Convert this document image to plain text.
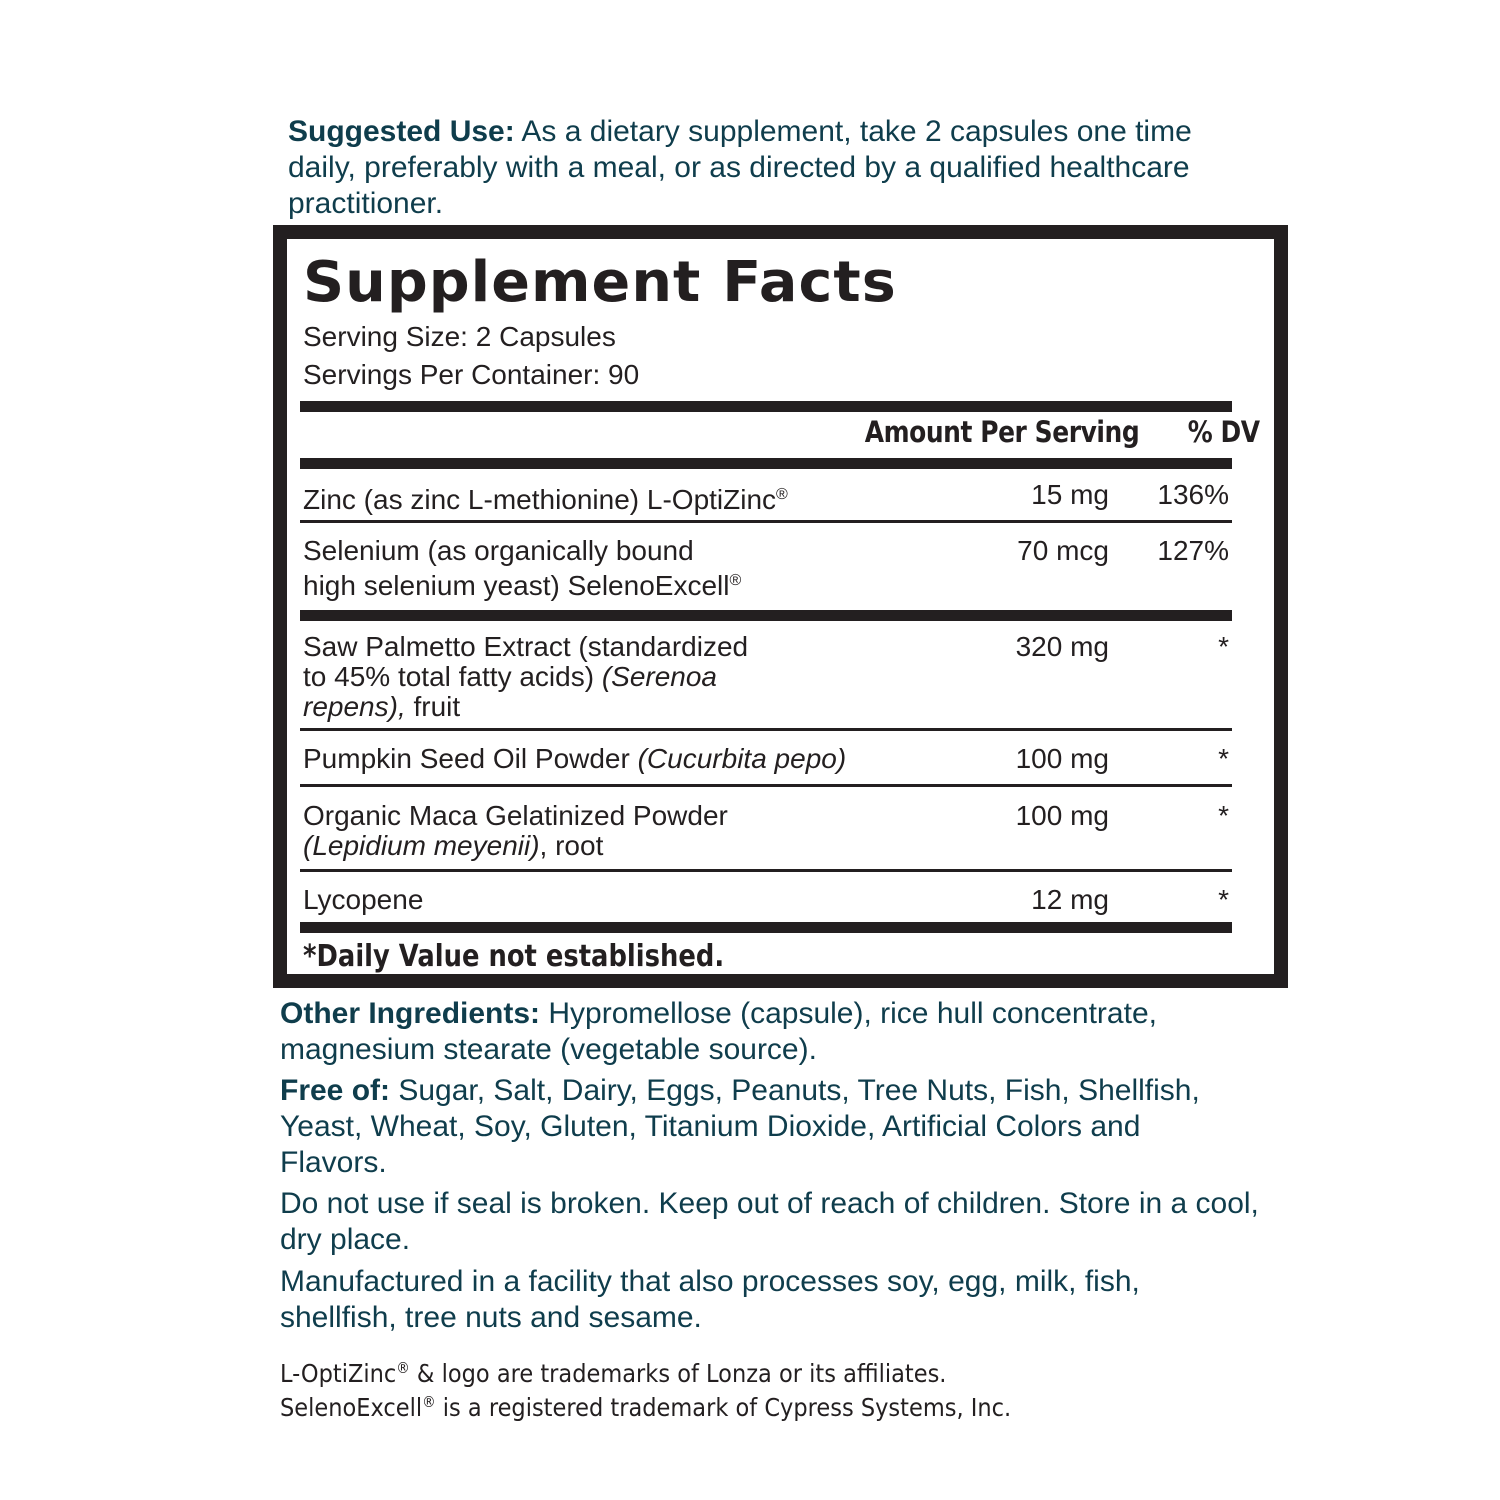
Suggested Use: As a dietary supplement, take 2 capsules one time daily, preferably with a meal, or as directed by a qualified healthcare practitioner.
Supplement Facts
Serving Size: 2 Capsules
Servings Per Container: 90
Amount Per Serving % DV
Zinc (as zinc L-methionine) L-OptiZinc®	15 mg	136%
Selenium (as organically bound
high selenium yeast) SelenoExcell®
70 mcg	127%
Saw Palmetto Extract (standardized
to 45% total fatty acids) (Serenoa
repens), fruit
320 mg	*
Pumpkin Seed Oil Powder (Cucurbita pepo)	100 mg	*
Organic Maca Gelatinized Powder
(Lepidium meyenii), root
100 mg	*
Lycopene	12 mg	*
*Daily Value not established.
Other Ingredients: Hypromellose (capsule), rice hull concentrate, magnesium stearate (vegetable source).
Free of: Sugar, Salt, Dairy, Eggs, Peanuts, Tree Nuts, Fish, Shellfish, Yeast, Wheat, Soy, Gluten, Titanium Dioxide, Artificial Colors and Flavors.
Do not use if seal is broken. Keep out of reach of children. Store in a cool, dry place.
Manufactured in a facility that also processes soy, egg, milk, fish, shellfish, tree nuts and sesame.
L-OptiZinc® & logo are trademarks of Lonza or its affiliates.
SelenoExcell® is a registered trademark of Cypress Systems, Inc.
